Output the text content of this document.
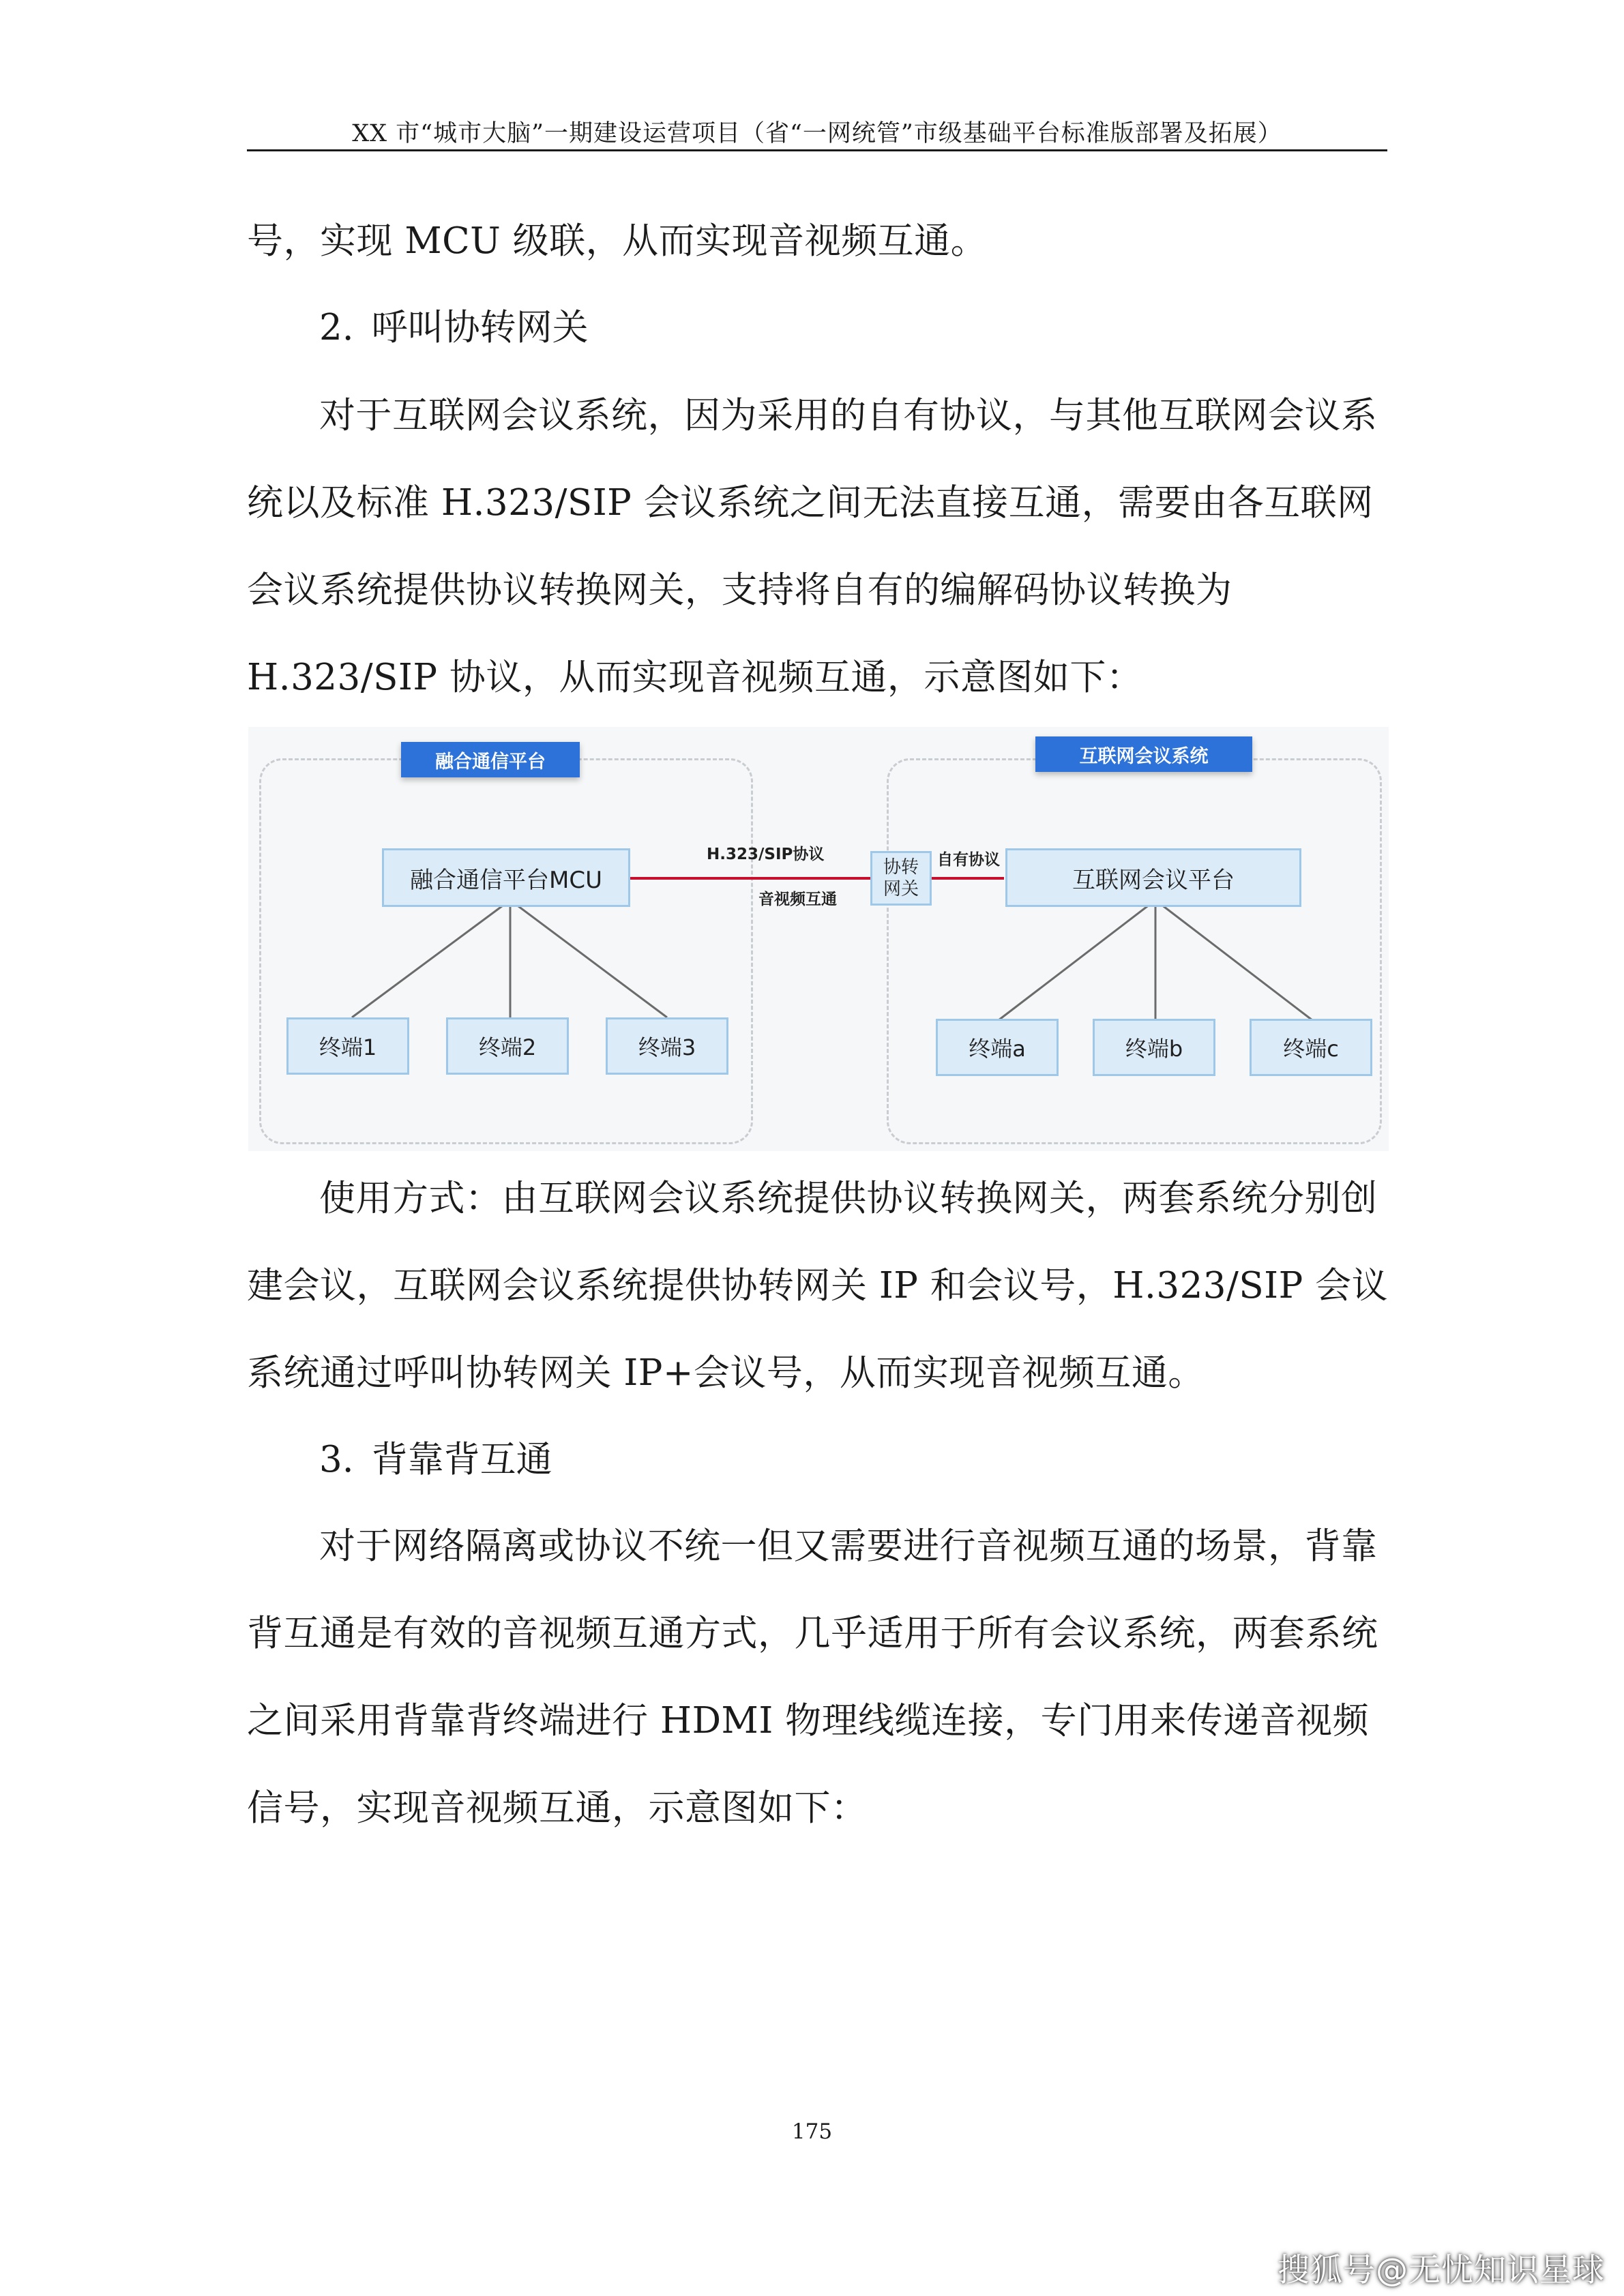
XX 市“城市大脑”一期建设运营项目（省“一网统管”市级基础平台标准版部署及拓展）

号，实现 MCU 级联，从而实现音视频互通。

2. 呼叫协转网关

对于互联网会议系统，因为采用的自有协议，与其他互联网会议系统以及标准 H.323/SIP 会议系统之间无法直接互通，需要由各互联网会议系统提供协议转换网关，支持将自有的编解码协议转换为 H.323/SIP 协议，从而实现音视频互通，示意图如下：

融合通信平台	互联网会议系统
融合通信平台MCU	互联网会议平台
协转
网关
H.323/SIP协议
音视频互通
自有协议
终端1	终端2	终端3	终端a	终端b	终端c

使用方式：由互联网会议系统提供协议转换网关，两套系统分别创建会议，互联网会议系统提供协转网关 IP 和会议号，H.323/SIP 会议系统通过呼叫协转网关 IP+会议号，从而实现音视频互通。

3. 背靠背互通

对于网络隔离或协议不统一但又需要进行音视频互通的场景，背靠背互通是有效的音视频互通方式，几乎适用于所有会议系统，两套系统之间采用背靠背终端进行 HDMI 物理线缆连接，专门用来传递音视频信号，实现音视频互通，示意图如下：

175
搜狐号@无忧知识星球
